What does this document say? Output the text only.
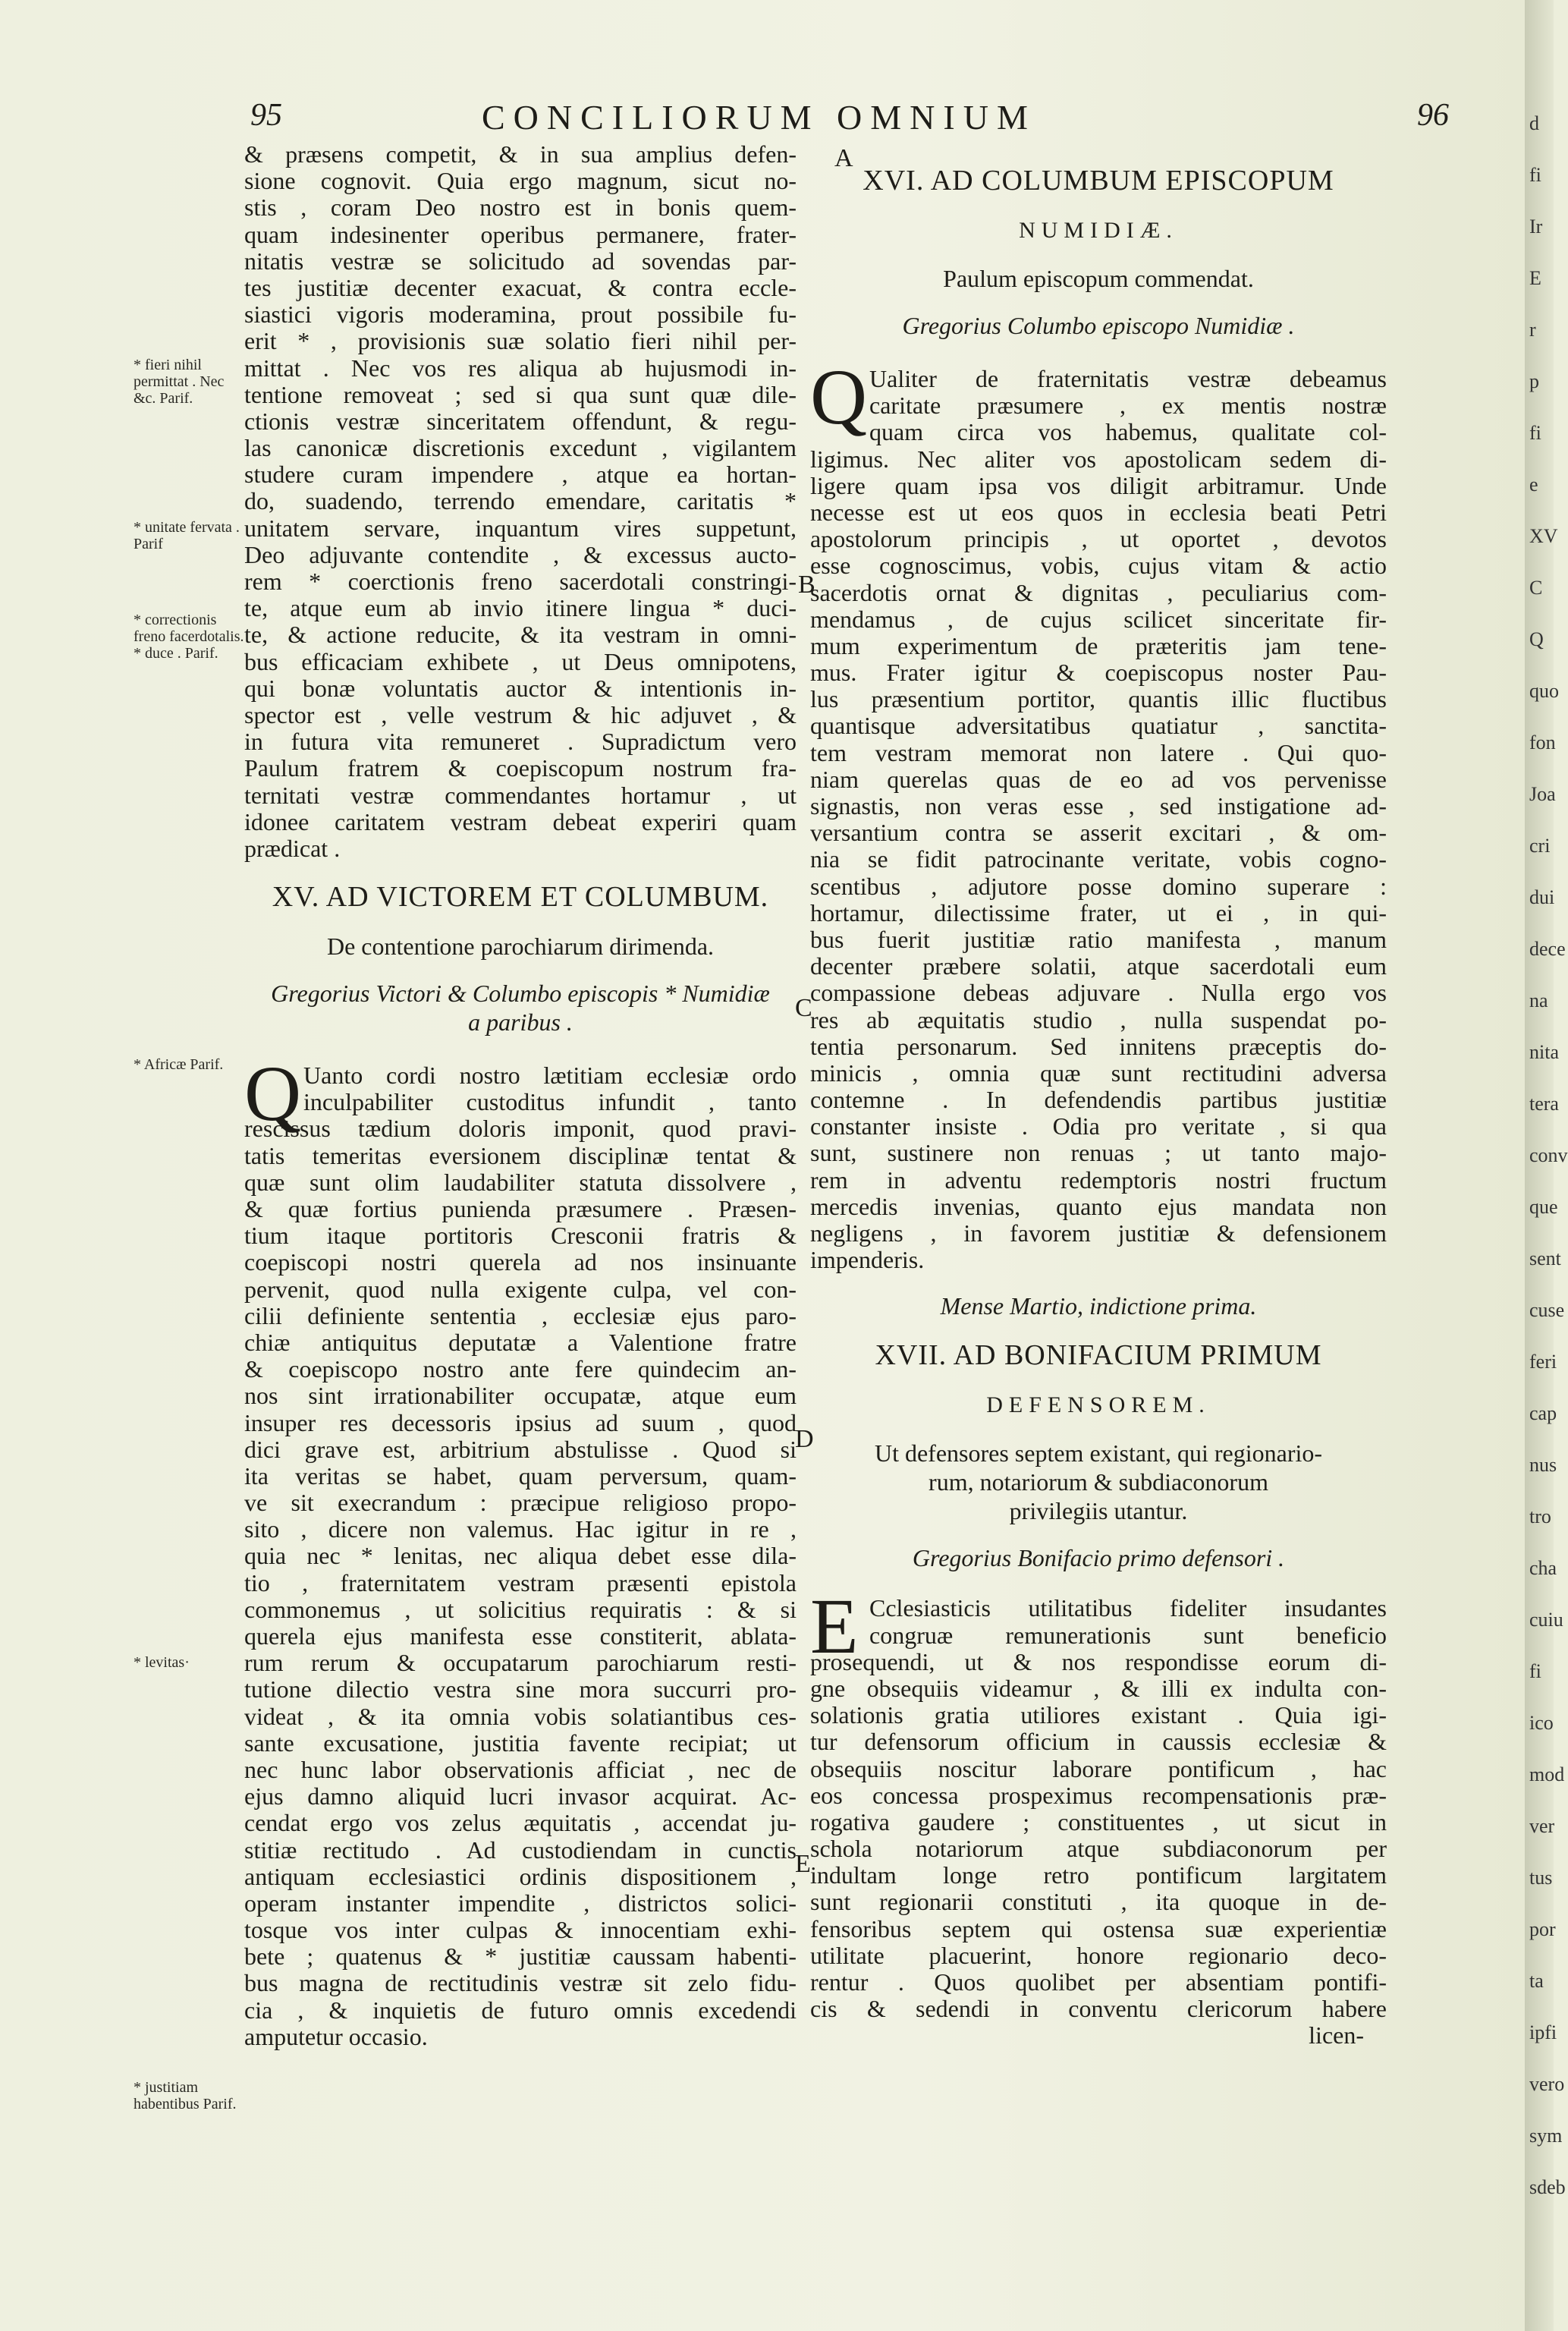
95	CONCILIORUM OMNIUM	96
A
B
C
D
E
* fieri nihil permittat . Nec &c. Parif.
* unitate fervata . Parif
* correctionis freno facerdotalis. * duce . Parif.
* Africæ Parif.
* levitas·
* justitiam habentibus Parif.
& præsens competit, & in sua amplius defen-
sione cognovit. Quia ergo magnum, sicut no-
stis , coram Deo nostro est in bonis quem-
quam indesinenter operibus permanere, frater-
nitatis vestræ se solicitudo ad sovendas par-
tes justitiæ decenter exacuat, & contra eccle-
siastici vigoris moderamina, prout possibile fu-
erit * , provisionis suæ solatio fieri nihil per-
mittat . Nec vos res aliqua ab hujusmodi in-
tentione removeat ; sed si qua sunt quæ dile-
ctionis vestræ sinceritatem offendunt, & regu-
las canonicæ discretionis excedunt , vigilantem
studere curam impendere , atque ea hortan-
do, suadendo, terrendo emendare, caritatis *
unitatem servare, inquantum vires suppetunt,
Deo adjuvante contendite , & excessus aucto-
rem * coerctionis freno sacerdotali constringi-
te, atque eum ab invio itinere lingua * duci-
te, & actione reducite, & ita vestram in omni-
bus efficaciam exhibete , ut Deus omnipotens,
qui bonæ voluntatis auctor & intentionis in-
spector est , velle vestrum & hic adjuvet , &
in futura vita remuneret . Supradictum vero
Paulum fratrem & coepiscopum nostrum fra-
ternitati vestræ commendantes hortamur , ut
idonee caritatem vestram debeat experiri quam
prædicat .
XV. AD VICTOREM ET COLUMBUM.
De contentione parochiarum dirimenda.
Gregorius Victori & Columbo episcopis * Numidiæ
a paribus .
Q Uanto cordi nostro lætitiam ecclesiæ ordo
inculpabiliter custoditus infundit , tanto
rescissus tædium doloris imponit, quod pravi-
tatis temeritas eversionem disciplinæ tentat &
quæ sunt olim laudabiliter statuta dissolvere ,
& quæ fortius punienda præsumere . Præsen-
tium itaque portitoris Cresconii fratris &
coepiscopi nostri querela ad nos insinuante
pervenit, quod nulla exigente culpa, vel con-
cilii definiente sententia , ecclesiæ ejus paro-
chiæ antiquitus deputatæ a Valentione fratre
& coepiscopo nostro ante fere quindecim an-
nos sint irrationabiliter occupatæ, atque eum
insuper res decessoris ipsius ad suum , quod
dici grave est, arbitrium abstulisse . Quod si
ita veritas se habet, quam perversum, quam-
ve sit execrandum : præcipue religioso propo-
sito , dicere non valemus. Hac igitur in re ,
quia nec * lenitas, nec aliqua debet esse dila-
tio , fraternitatem vestram præsenti epistola
commonemus , ut solicitius requiratis : & si
querela ejus manifesta esse constiterit, ablata-
rum rerum & occupatarum parochiarum resti-
tutione dilectio vestra sine mora succurri pro-
videat , & ita omnia vobis solatiantibus ces-
sante excusatione, justitia favente recipiat; ut
nec hunc labor observationis afficiat , nec de
ejus damno aliquid lucri invasor acquirat. Ac-
cendat ergo vos zelus æquitatis , accendat ju-
stitiæ rectitudo . Ad custodiendam in cunctis
antiquam ecclesiastici ordinis dispositionem ,
operam instanter impendite , districtos solici-
tosque vos inter culpas & innocentiam exhi-
bete ; quatenus & * justitiæ caussam habenti-
bus magna de rectitudinis vestræ sit zelo fidu-
cia , & inquietis de futuro omnis excedendi
amputetur occasio.
XVI. AD COLUMBUM EPISCOPUM
NUMIDIÆ.
Paulum episcopum commendat.
Gregorius Columbo episcopo Numidiæ .
Q Ualiter de fraternitatis vestræ debeamus
caritate præsumere , ex mentis nostræ
quam circa vos habemus, qualitate col-
ligimus. Nec aliter vos apostolicam sedem di-
ligere quam ipsa vos diligit arbitramur. Unde
necesse est ut eos quos in ecclesia beati Petri
apostolorum principis , ut oportet , devotos
esse cognoscimus, vobis, cujus vitam & actio
sacerdotis ornat & dignitas , peculiarius com-
mendamus , de cujus scilicet sinceritate fir-
mum experimentum de præteritis jam tene-
mus. Frater igitur & coepiscopus noster Pau-
lus præsentium portitor, quantis illic fluctibus
quantisque adversitatibus quatiatur , sanctita-
tem vestram memorat non latere . Qui quo-
niam querelas quas de eo ad vos pervenisse
signastis, non veras esse , sed instigatione ad-
versantium contra se asserit excitari , & om-
nia se fidit patrocinante veritate, vobis cogno-
scentibus , adjutore posse domino superare :
hortamur, dilectissime frater, ut ei , in qui-
bus fuerit justitiæ ratio manifesta , manum
decenter præbere solatii, atque sacerdotali eum
compassione debeas adjuvare . Nulla ergo vos
res ab æquitatis studio , nulla suspendat po-
tentia personarum. Sed innitens præceptis do-
minicis , omnia quæ sunt rectitudini adversa
contemne . In defendendis partibus justitiæ
constanter insiste . Odia pro veritate , si qua
sunt, sustinere non renuas ; ut tanto majo-
rem in adventu redemptoris nostri fructum
mercedis invenias, quanto ejus mandata non
negligens , in favorem justitiæ & defensionem
impenderis.
Mense Martio, indictione prima.
XVII. AD BONIFACIUM PRIMUM
DEFENSOREM.
Ut defensores septem existant, qui regionario-
rum, notariorum & subdiaconorum
privilegiis utantur.
Gregorius Bonifacio primo defensori .
E Cclesiasticis utilitatibus fideliter insudantes
congruæ remunerationis sunt beneficio
prosequendi, ut & nos respondisse eorum di-
gne obsequiis videamur , & illi ex indulta con-
solationis gratia utiliores existant . Quia igi-
tur defensorum officium in caussis ecclesiæ &
obsequiis noscitur laborare pontificum , hac
eos concessa prospeximus recompensationis præ-
rogativa gaudere ; constituentes , ut sicut in
schola notariorum atque subdiaconorum per
indultam longe retro pontificum largitatem
sunt regionarii constituti , ita quoque in de-
fensoribus septem qui ostensa suæ experientiæ
utilitate placuerint, honore regionario deco-
rentur . Quos quolibet per absentiam pontifi-
cis & sedendi in conventu clericorum habere
licen-
d
fi
Ir
E
r
p
fi
e
XV
C
Q
quo
fon
Joa
cri
dui
dece
na
nita
tera
conv
que
sent
cuse
feri
cap
nus
tro
cha
cuiu
fi
ico
mod
ver
tus
por
ta
ipfi
vero
sym
sdeb
